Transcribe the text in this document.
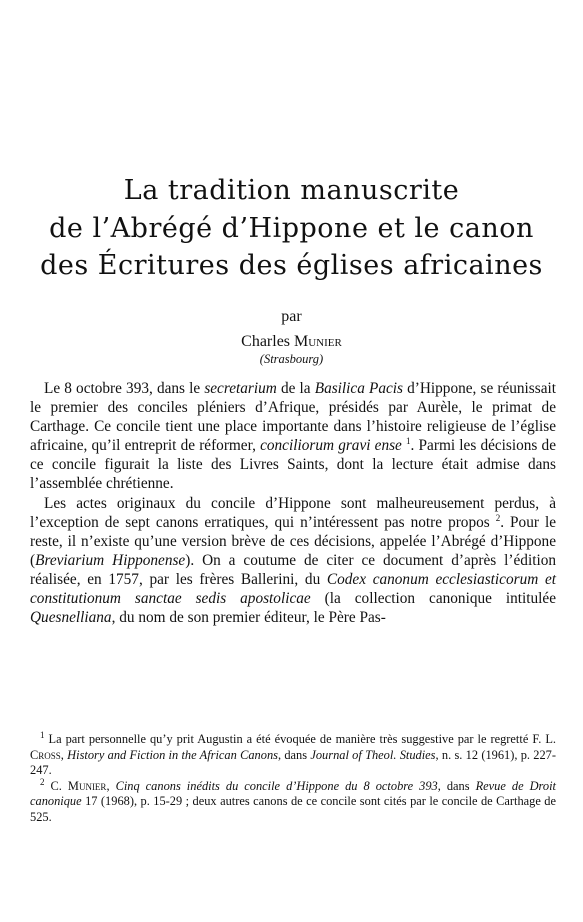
La tradition manuscrite
de l’Abrégé d’Hippone et le canon
des Écritures des églises africaines
par
Charles Munier
(Strasbourg)

Le 8 octobre 393, dans le secretarium de la Basilica Pacis d’Hippone, se réunissait le premier des conciles pléniers d’Afrique, présidés par Aurèle, le primat de Carthage. Ce concile tient une place importante dans l’histoire religieuse de l’église africaine, qu’il entreprit de réformer, conciliorum gravi ense $^1$. Parmi les décisions de ce concile figurait la liste des Livres Saints, dont la lecture était admise dans l’assemblée chrétienne.

Les actes originaux du concile d’Hippone sont malheureusement perdus, à l’exception de sept canons erratiques, qui n’intéressent pas notre propos $^2$. Pour le reste, il n’existe qu’une version brève de ces décisions, appelée l’Abrégé d’Hippone (Breviarium Hipponense). On a coutume de citer ce document d’après l’édition réalisée, en 1757, par les frères Ballerini, du Codex canonum ecclesiasticorum et constitutionum sanctae sedis apostolicae (la collection canonique intitulée Quesnelliana, du nom de son premier éditeur, le Père Pas-

$^1$ La part personnelle qu’y prit Augustin a été évoquée de manière très suggestive par le regretté F. L. Cross, History and Fiction in the African Canons, dans Journal of Theol. Studies, n. s. 12 (1961), p. 227-247.

$^2$ C. Munier, Cinq canons inédits du concile d’Hippone du 8 octobre 393, dans Revue de Droit canonique 17 (1968), p. 15-29 ; deux autres canons de ce concile sont cités par le concile de Carthage de 525.
